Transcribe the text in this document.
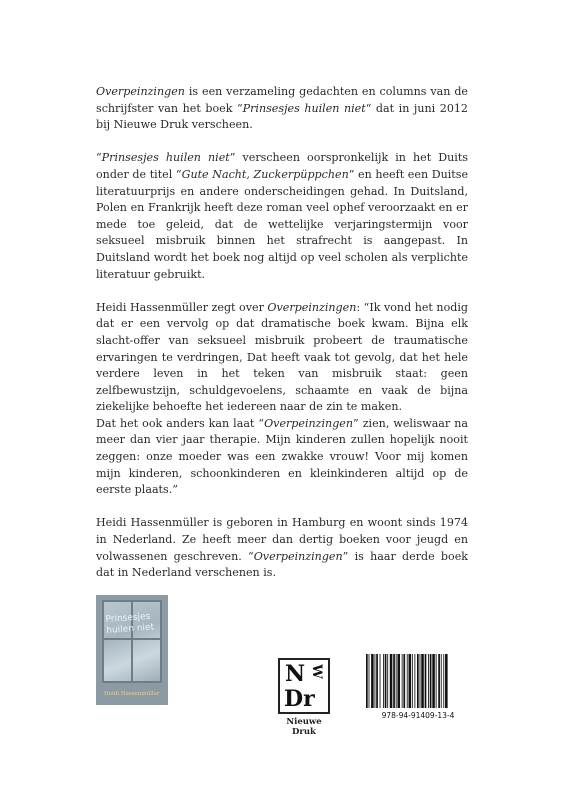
Overpeinzingen is een verzameling gedachten en columns van de schrijfster van het boek “Prinsesjes huilen niet“ dat in juni 2012 bij Nieuwe Druk verscheen.

“Prinsesjes huilen niet” verscheen oorspronkelijk in het Duits onder de titel “Gute Nacht, Zuckerpüppchen” en heeft een Duitse literatuurprijs en andere onderscheidingen gehad. In Duitsland, Polen en Frankrijk heeft deze roman veel ophef veroorzaakt en er mede toe geleid, dat de wettelijke verjaringstermijn voor seksueel misbruik binnen het strafrecht is aangepast. In Duitsland wordt het boek nog altijd op veel scholen als verplichte literatuur gebruikt.

Heidi Hassenmüller zegt over Overpeinzingen: “Ik vond het nodig dat er een vervolg op dat dramatische boek kwam. Bijna elk slacht-offer van seksueel misbruik probeert de traumatische ervaringen te verdringen, Dat heeft vaak tot gevolg, dat het hele verdere leven in het teken van misbruik staat: geen zelfbewustzijn, schuldgevoelens, schaamte en vaak de bijna ziekelijke behoefte het iedereen naar de zin te maken.

Dat het ook anders kan laat “Overpeinzingen” zien, weliswaar na meer dan vier jaar therapie. Mijn kinderen zullen hopelijk nooit zeggen: onze moeder was een zwakke vrouw! Voor mij komen mijn kinderen, schoonkinderen en kleinkinderen altijd op de eerste plaats.”

Heidi Hassenmüller is geboren in Hamburg en woont sinds 1974 in Nederland. Ze heeft meer dan dertig boeken voor jeugd en volwassenen geschreven. “Overpeinzingen” is haar derde boek dat in Nederland verschenen is.

Prinsesjes huilen niet
Heidi Hassenmüller
N W
Dr
Nieuwe Druk
978-94-91409-13-4
